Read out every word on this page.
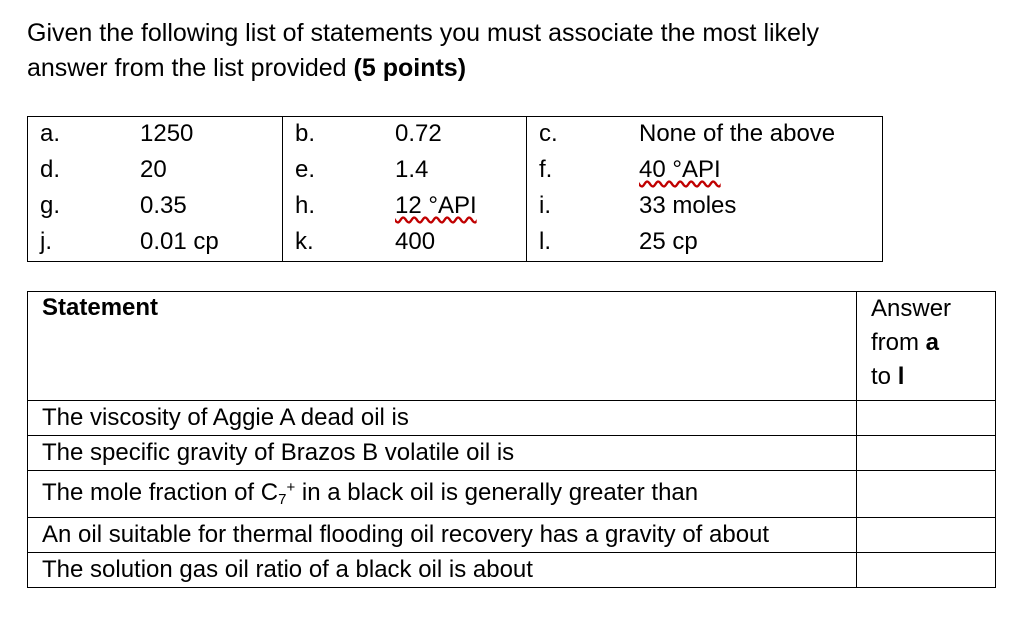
Given the following list of statements you must associate the most likely
answer from the list provided (5 points)
a.	1250	b.	0.72	c.	None of the above
d.	20	e.	1.4	f.	40 °API
g.	0.35	h.	12 °API	i.	33 moles
j.	0.01 cp	k.	400	l.	25 cp
Statement	Answer
from a
to l
The viscosity of Aggie A dead oil is	
The specific gravity of Brazos B volatile oil is	
The mole fraction of $C_7^+$ in a black oil is generally greater than	
An oil suitable for thermal flooding oil recovery has a gravity of about	
The solution gas oil ratio of a black oil is about	
